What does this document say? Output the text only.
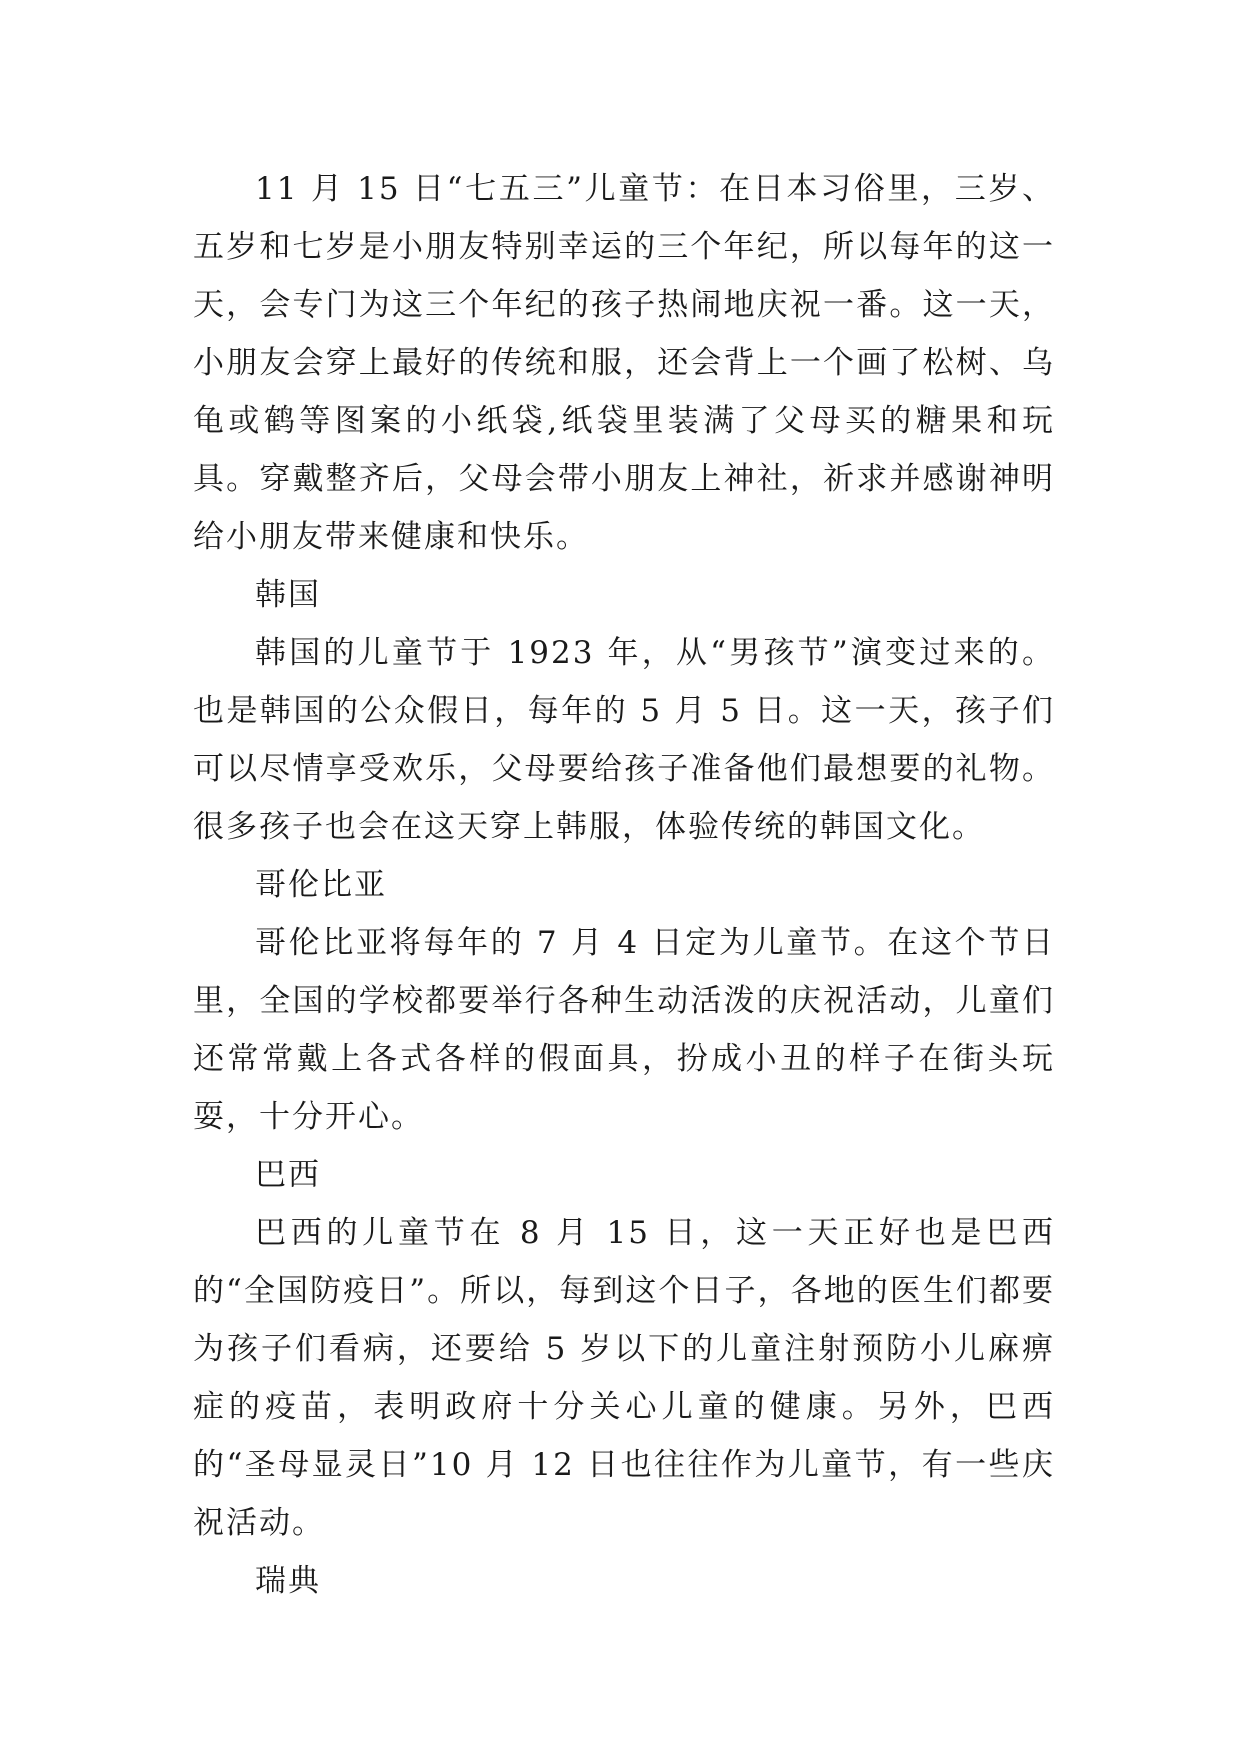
11 月 15 日“七五三”儿童节：在日本习俗里，三岁、五岁和七岁是小朋友特别幸运的三个年纪，所以每年的这一天，会专门为这三个年纪的孩子热闹地庆祝一番。这一天，小朋友会穿上最好的传统和服，还会背上一个画了松树、乌龟或鹤等图案的小纸袋,纸袋里装满了父母买的糖果和玩具。穿戴整齐后，父母会带小朋友上神社，祈求并感谢神明给小朋友带来健康和快乐。

韩国

韩国的儿童节于 1923 年，从“男孩节”演变过来的。也是韩国的公众假日，每年的 5 月 5 日。这一天，孩子们可以尽情享受欢乐，父母要给孩子准备他们最想要的礼物。很多孩子也会在这天穿上韩服，体验传统的韩国文化。

哥伦比亚

哥伦比亚将每年的 7 月 4 日定为儿童节。在这个节日里，全国的学校都要举行各种生动活泼的庆祝活动，儿童们还常常戴上各式各样的假面具，扮成小丑的样子在街头玩耍，十分开心。

巴西

巴西的儿童节在 8 月 15 日，这一天正好也是巴西的“全国防疫日”。所以，每到这个日子，各地的医生们都要为孩子们看病，还要给 5 岁以下的儿童注射预防小儿麻痹症的疫苗，表明政府十分关心儿童的健康。另外，巴西的“圣母显灵日”10 月 12 日也往往作为儿童节，有一些庆祝活动。

瑞典
